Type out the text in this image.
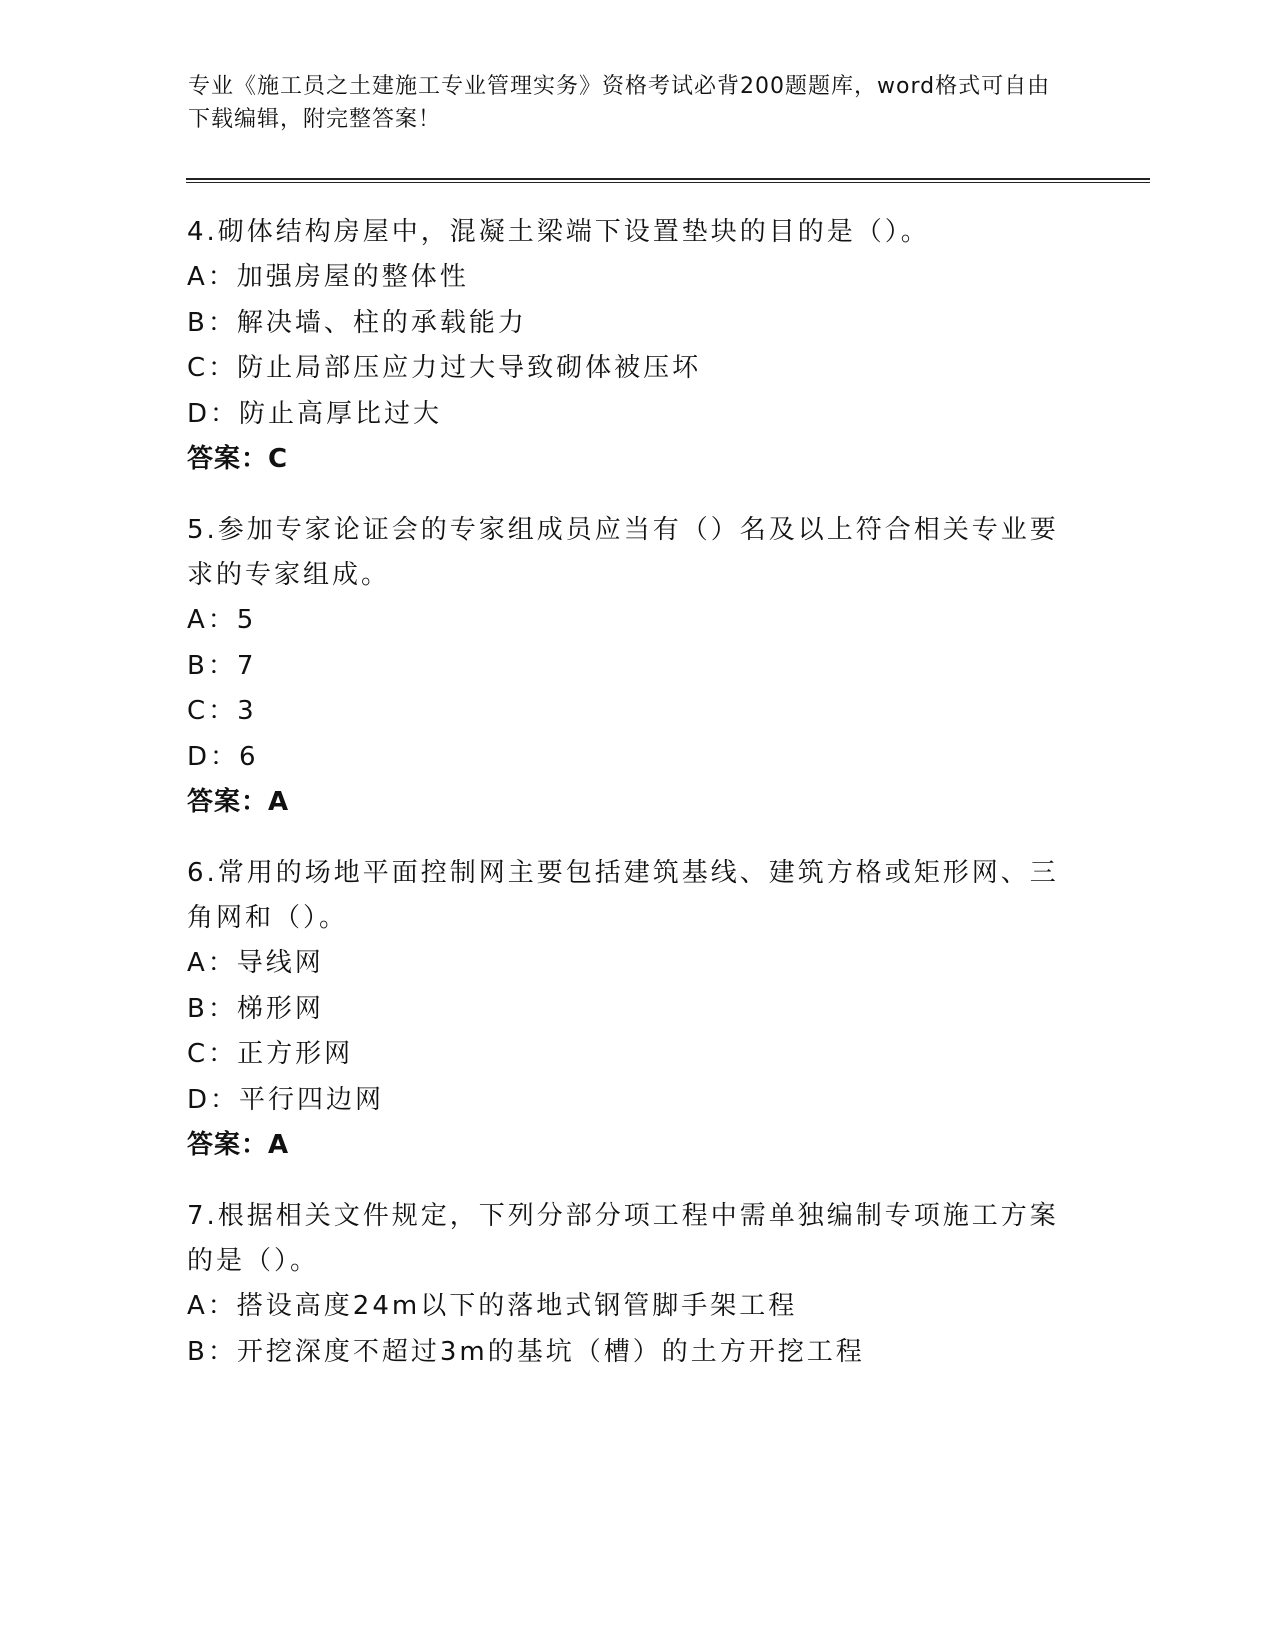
专业《施工员之土建施工专业管理实务》资格考试必背200题题库，word格式可自由下载编辑，附完整答案！
4.砌体结构房屋中，混凝土梁端下设置垫块的目的是（）。
A：加强房屋的整体性
B：解决墙、柱的承载能力
C：防止局部压应力过大导致砌体被压坏
D：防止高厚比过大
答案：C
5.参加专家论证会的专家组成员应当有（）名及以上符合相关专业要求的专家组成。
A：5
B：7
C：3
D：6
答案：A
6.常用的场地平面控制网主要包括建筑基线、建筑方格或矩形网、三角网和（）。
A：导线网
B：梯形网
C：正方形网
D：平行四边网
答案：A
7.根据相关文件规定，下列分部分项工程中需单独编制专项施工方案的是（）。
A：搭设高度24m以下的落地式钢管脚手架工程
B：开挖深度不超过3m的基坑（槽）的土方开挖工程
